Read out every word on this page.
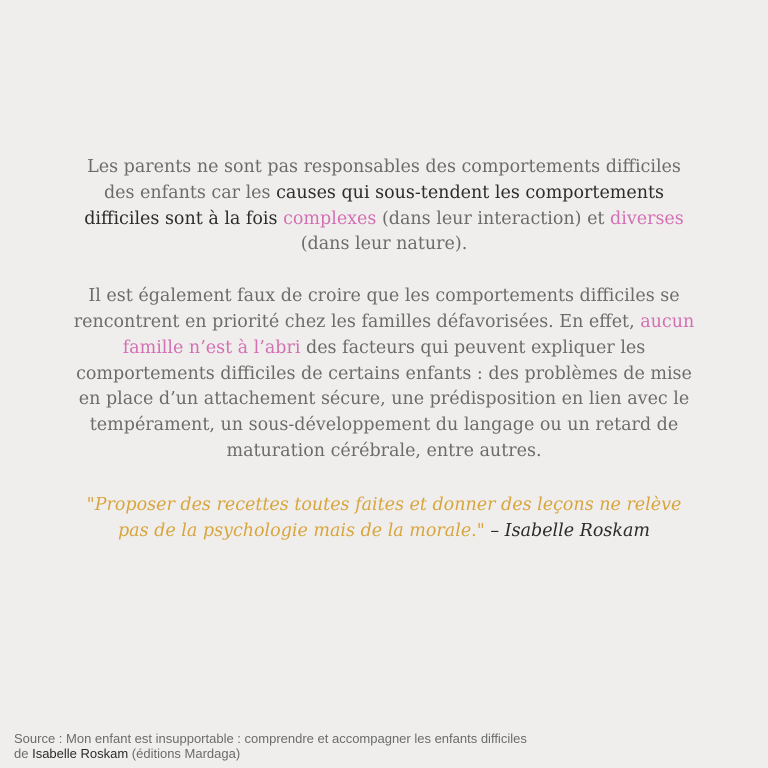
Les parents ne sont pas responsables des comportements difficiles des enfants car les causes qui sous-tendent les comportements difficiles sont à la fois complexes (dans leur interaction) et diverses (dans leur nature).

Il est également faux de croire que les comportements difficiles se rencontrent en priorité chez les familles défavorisées. En effet, aucun famille n’est à l’abri des facteurs qui peuvent expliquer les comportements difficiles de certains enfants : des problèmes de mise en place d’un attachement sécure, une prédisposition en lien avec le tempérament, un sous-développement du langage ou un retard de maturation cérébrale, entre autres.

"Proposer des recettes toutes faites et donner des leçons ne relève pas de la psychologie mais de la morale." – Isabelle Roskam

Source : Mon enfant est insupportable : comprendre et accompagner les enfants difficiles
de Isabelle Roskam (éditions Mardaga)
